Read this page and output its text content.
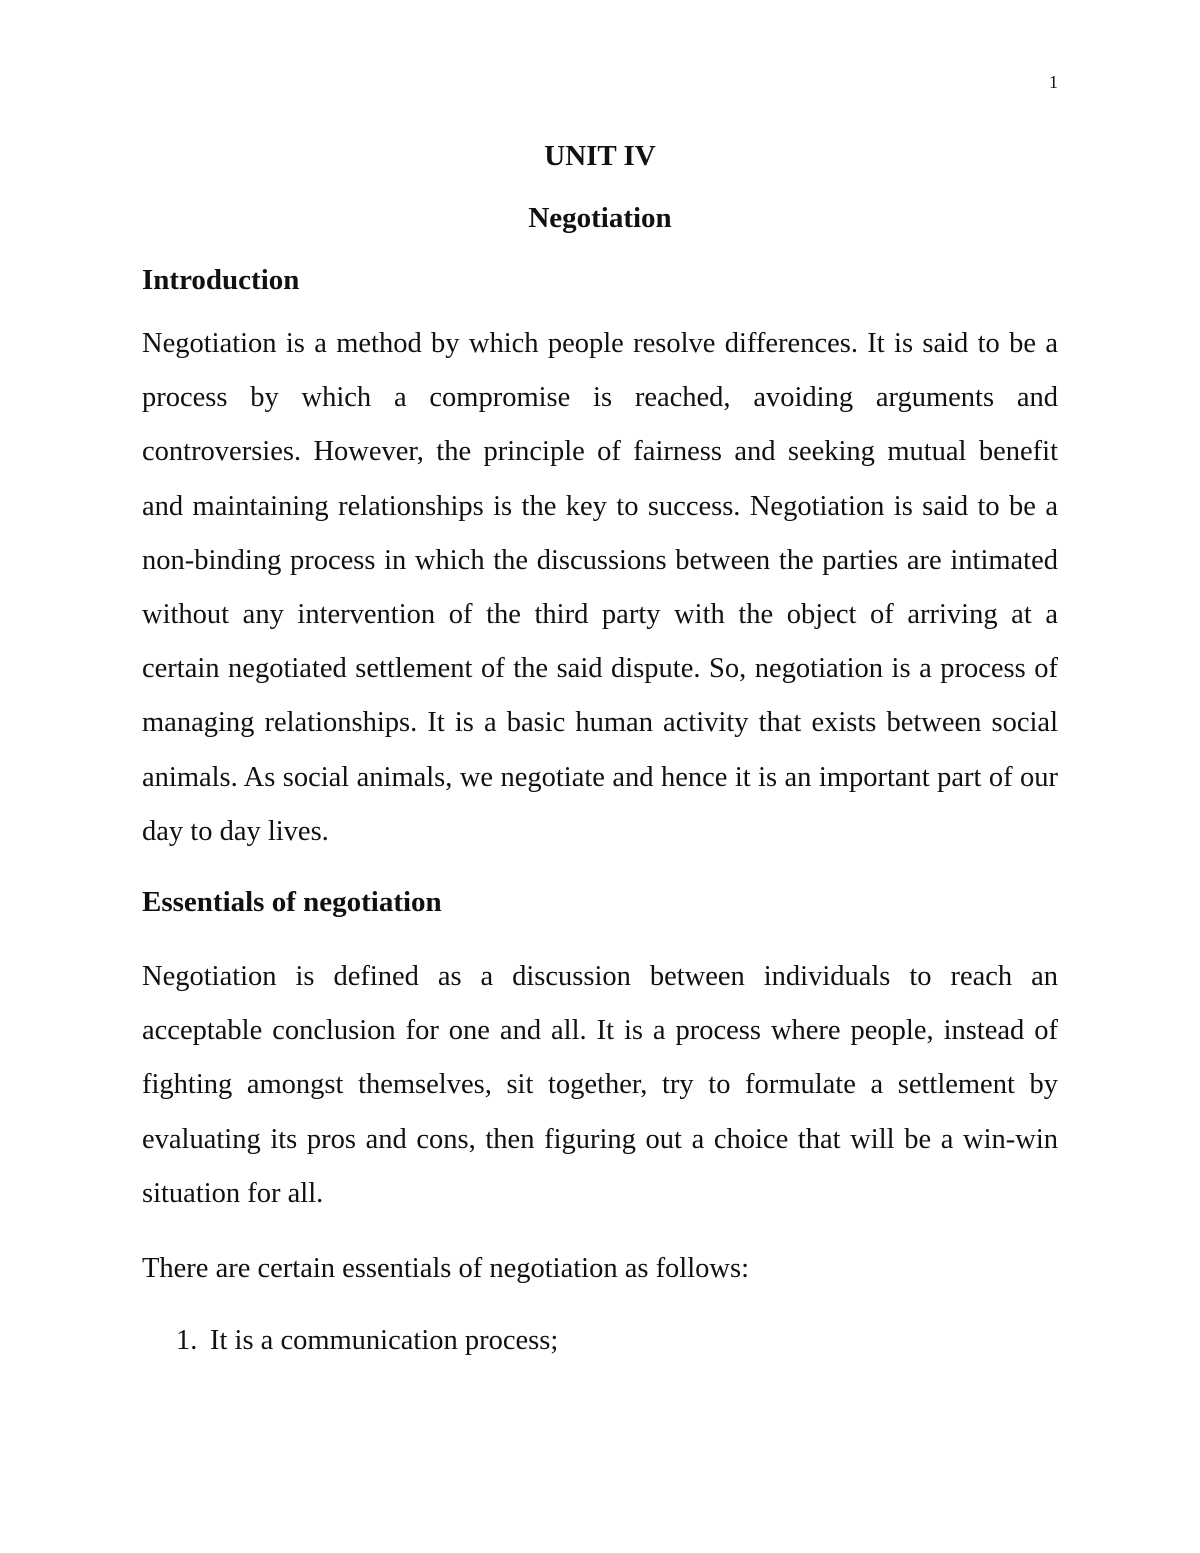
1
UNIT IV
Negotiation
Introduction
Negotiation is a method by which people resolve differences. It is said to be a process by which a compromise is reached, avoiding arguments and controversies. However, the principle of fairness and seeking mutual benefit and maintaining relationships is the key to success. Negotiation is said to be a non-binding process in which the discussions between the parties are intimated without any intervention of the third party with the object of arriving at a certain negotiated settlement of the said dispute. So, negotiation is a process of managing relationships. It is a basic human activity that exists between social animals. As social animals, we negotiate and hence it is an important part of our day to day lives.
Essentials of negotiation
Negotiation is defined as a discussion between individuals to reach an acceptable conclusion for one and all. It is a process where people, instead of fighting amongst themselves, sit together, try to formulate a settlement by evaluating its pros and cons, then figuring out a choice that will be a win-win situation for all.
There are certain essentials of negotiation as follows:
1. It is a communication process;
